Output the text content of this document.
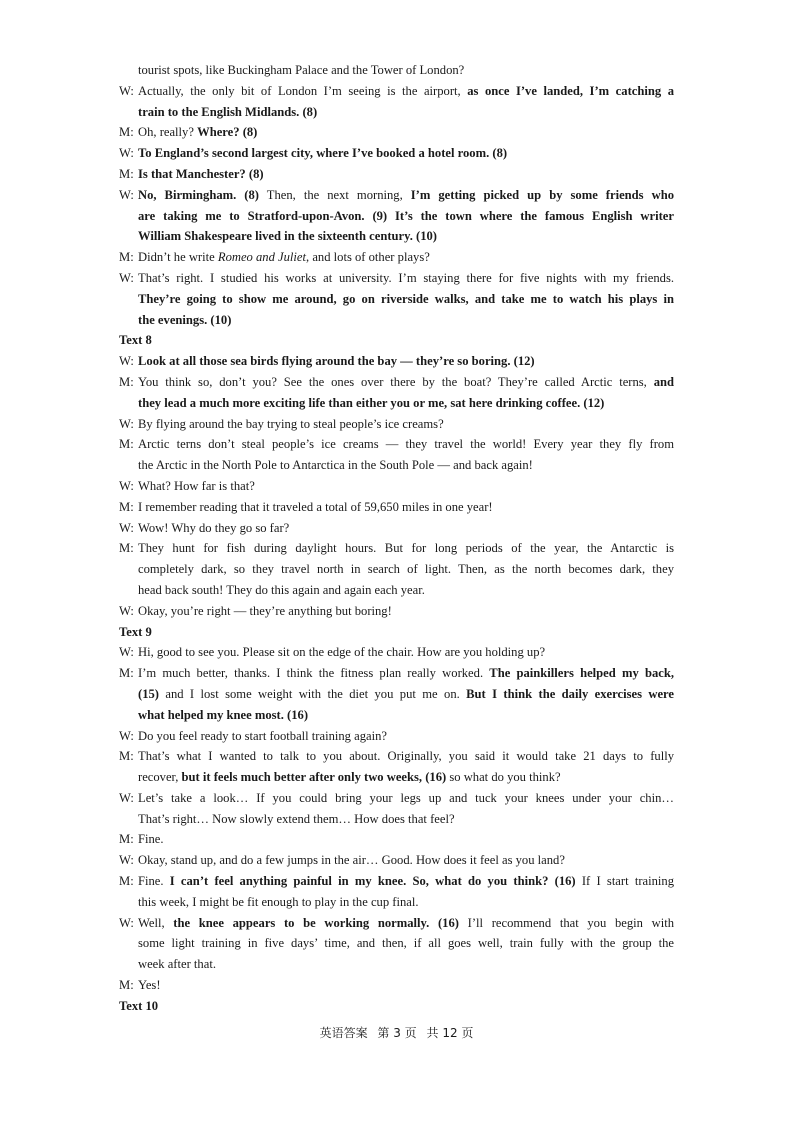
tourist spots, like Buckingham Palace and the Tower of London?
W: Actually, the only bit of London I’m seeing is the airport, as once I’ve landed, I’m catching a
train to the English Midlands. (8)
M: Oh, really? Where? (8)
W: To England’s second largest city, where I’ve booked a hotel room. (8)
M: Is that Manchester? (8)
W: No, Birmingham. (8) Then, the next morning, I’m getting picked up by some friends who
are taking me to Stratford-upon-Avon. (9) It’s the town where the famous English writer
William Shakespeare lived in the sixteenth century. (10)
M: Didn’t he write Romeo and Juliet, and lots of other plays?
W: That’s right. I studied his works at university. I’m staying there for five nights with my friends.
They’re going to show me around, go on riverside walks, and take me to watch his plays in
the evenings. (10)
Text 8
W: Look at all those sea birds flying around the bay — they’re so boring. (12)
M: You think so, don’t you? See the ones over there by the boat? They’re called Arctic terns, and
they lead a much more exciting life than either you or me, sat here drinking coffee. (12)
W: By flying around the bay trying to steal people’s ice creams?
M: Arctic terns don’t steal people’s ice creams — they travel the world! Every year they fly from
the Arctic in the North Pole to Antarctica in the South Pole — and back again!
W: What? How far is that?
M: I remember reading that it traveled a total of 59,650 miles in one year!
W: Wow! Why do they go so far?
M: They hunt for fish during daylight hours. But for long periods of the year, the Antarctic is
completely dark, so they travel north in search of light. Then, as the north becomes dark, they
head back south! They do this again and again each year.
W: Okay, you’re right — they’re anything but boring!
Text 9
W: Hi, good to see you. Please sit on the edge of the chair. How are you holding up?
M: I’m much better, thanks. I think the fitness plan really worked. The painkillers helped my back,
(15) and I lost some weight with the diet you put me on. But I think the daily exercises were
what helped my knee most. (16)
W: Do you feel ready to start football training again?
M: That’s what I wanted to talk to you about. Originally, you said it would take 21 days to fully
recover, but it feels much better after only two weeks, (16) so what do you think?
W: Let’s take a look… If you could bring your legs up and tuck your knees under your chin…
That’s right… Now slowly extend them… How does that feel?
M: Fine.
W: Okay, stand up, and do a few jumps in the air… Good. How does it feel as you land?
M: Fine. I can’t feel anything painful in my knee. So, what do you think? (16) If I start training
this week, I might be fit enough to play in the cup final.
W: Well, the knee appears to be working normally. (16) I’ll recommend that you begin with
some light training in five days’ time, and then, if all goes well, train fully with the group the
week after that.
M: Yes!
Text 10
英语答案 第 3 页 共 12 页
